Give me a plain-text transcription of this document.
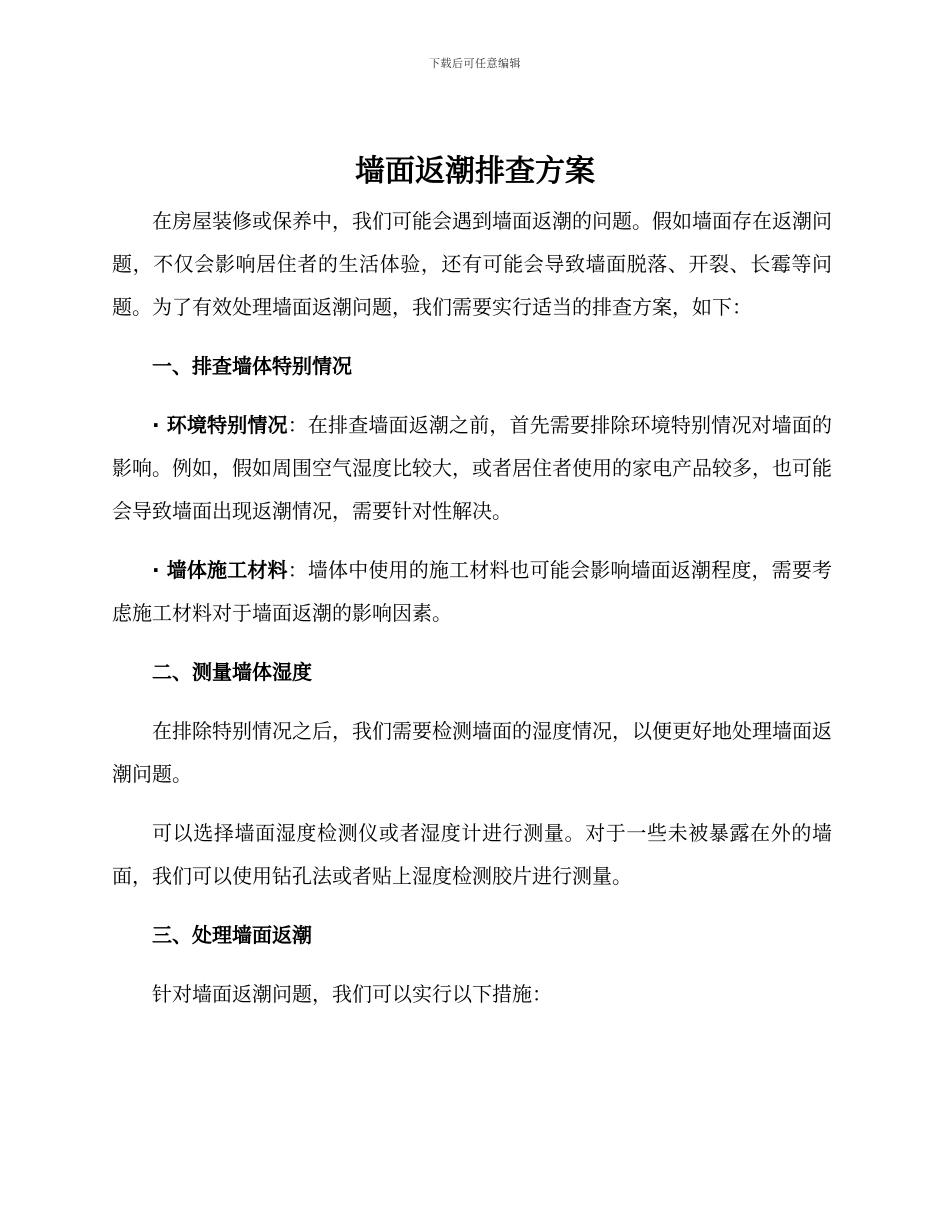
下载后可任意编辑
墙面返潮排查方案

在房屋装修或保养中，我们可能会遇到墙面返潮的问题。假如墙面存在返潮问题，不仅会影响居住者的生活体验，还有可能会导致墙面脱落、开裂、长霉等问题。为了有效处理墙面返潮问题，我们需要实行适当的排查方案，如下：

一、排查墙体特别情况

· 环境特别情况：在排查墙面返潮之前，首先需要排除环境特别情况对墙面的影响。例如，假如周围空气湿度比较大，或者居住者使用的家电产品较多，也可能会导致墙面出现返潮情况，需要针对性解决。

· 墙体施工材料：墙体中使用的施工材料也可能会影响墙面返潮程度，需要考虑施工材料对于墙面返潮的影响因素。

二、测量墙体湿度

在排除特别情况之后，我们需要检测墙面的湿度情况，以便更好地处理墙面返潮问题。

可以选择墙面湿度检测仪或者湿度计进行测量。对于一些未被暴露在外的墙面，我们可以使用钻孔法或者贴上湿度检测胶片进行测量。

三、处理墙面返潮

针对墙面返潮问题，我们可以实行以下措施：
